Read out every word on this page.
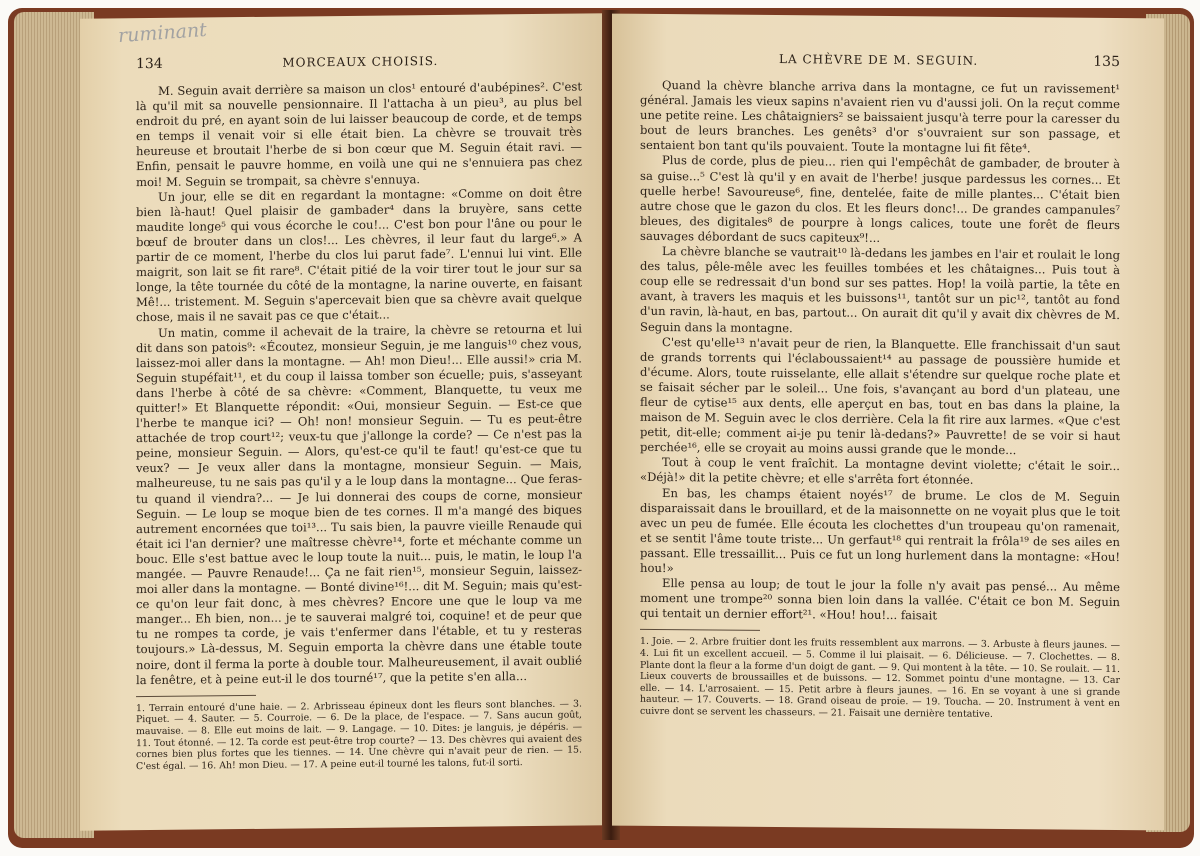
134	MORCEAUX CHOISIS.

M. Seguin avait derrière sa maison un clos¹ entouré d'aubépines². C'est là qu'il mit sa nouvelle pensionnaire. Il l'attacha à un pieu³, au plus bel endroit du pré, en ayant soin de lui laisser beaucoup de corde, et de temps en temps il venait voir si elle était bien. La chèvre se trouvait très heureuse et broutait l'herbe de si bon cœur que M. Seguin était ravi. — Enfin, pensait le pauvre homme, en voilà une qui ne s'ennuiera pas chez moi! M. Seguin se trompait, sa chèvre s'ennuya.

Un jour, elle se dit en regardant la montagne: «Comme on doit être bien là-haut! Quel plaisir de gambader⁴ dans la bruyère, sans cette maudite longe⁵ qui vous écorche le cou!... C'est bon pour l'âne ou pour le bœuf de brouter dans un clos!... Les chèvres, il leur faut du large⁶.» A partir de ce moment, l'herbe du clos lui parut fade⁷. L'ennui lui vint. Elle maigrit, son lait se fit rare⁸. C'était pitié de la voir tirer tout le jour sur sa longe, la tête tournée du côté de la montagne, la narine ouverte, en faisant Mê!... tristement. M. Seguin s'apercevait bien que sa chèvre avait quelque chose, mais il ne savait pas ce que c'était...

Un matin, comme il achevait de la traire, la chèvre se retourna et lui dit dans son patois⁹: «Écoutez, monsieur Seguin, je me languis¹⁰ chez vous, laissez-moi aller dans la montagne. — Ah! mon Dieu!... Elle aussi!» cria M. Seguin stupéfait¹¹, et du coup il laissa tomber son écuelle; puis, s'asseyant dans l'herbe à côté de sa chèvre: «Comment, Blanquette, tu veux me quitter!» Et Blanquette répondit: «Oui, monsieur Seguin. — Est-ce que l'herbe te manque ici? — Oh! non! monsieur Seguin. — Tu es peut-être attachée de trop court¹²; veux-tu que j'allonge la corde? — Ce n'est pas la peine, monsieur Seguin. — Alors, qu'est-ce qu'il te faut! qu'est-ce que tu veux? — Je veux aller dans la montagne, monsieur Seguin. — Mais, malheureuse, tu ne sais pas qu'il y a le loup dans la montagne... Que feras-tu quand il viendra?... — Je lui donnerai des coups de corne, monsieur Seguin. — Le loup se moque bien de tes cornes. Il m'a mangé des biques autrement encornées que toi¹³... Tu sais bien, la pauvre vieille Renaude qui était ici l'an dernier? une maîtresse chèvre¹⁴, forte et méchante comme un bouc. Elle s'est battue avec le loup toute la nuit... puis, le matin, le loup l'a mangée. — Pauvre Renaude!... Ça ne fait rien¹⁵, monsieur Seguin, laissez-moi aller dans la montagne. — Bonté divine¹⁶!... dit M. Seguin; mais qu'est-ce qu'on leur fait donc, à mes chèvres? Encore une que le loup va me manger... Eh bien, non... je te sauverai malgré toi, coquine! et de peur que tu ne rompes ta corde, je vais t'enfermer dans l'étable, et tu y resteras toujours.» Là-dessus, M. Seguin emporta la chèvre dans une étable toute noire, dont il ferma la porte à double tour. Malheureusement, il avait oublié la fenêtre, et à peine eut-il le dos tourné¹⁷, que la petite s'en alla...

1. Terrain entouré d'une haie. — 2. Arbrisseau épineux dont les fleurs sont blanches. — 3. Piquet. — 4. Sauter. — 5. Courroie. — 6. De la place, de l'espace. — 7. Sans aucun goût, mauvaise. — 8. Elle eut moins de lait. — 9. Langage. — 10. Dites: je languis, je dépéris. — 11. Tout étonné. — 12. Ta corde est peut-être trop courte? — 13. Des chèvres qui avaient des cornes bien plus fortes que les tiennes. — 14. Une chèvre qui n'avait peur de rien. — 15. C'est égal. — 16. Ah! mon Dieu. — 17. A peine eut-il tourné les talons, fut-il sorti.
LA CHÈVRE DE M. SEGUIN.	135

Quand la chèvre blanche arriva dans la montagne, ce fut un ravissement¹ général. Jamais les vieux sapins n'avaient rien vu d'aussi joli. On la reçut comme une petite reine. Les châtaigniers² se baissaient jusqu'à terre pour la caresser du bout de leurs branches. Les genêts³ d'or s'ouvraient sur son passage, et sentaient bon tant qu'ils pouvaient. Toute la montagne lui fit fête⁴.

Plus de corde, plus de pieu... rien qui l'empêchât de gambader, de brouter à sa guise...⁵ C'est là qu'il y en avait de l'herbe! jusque pardessus les cornes... Et quelle herbe! Savoureuse⁶, fine, dentelée, faite de mille plantes... C'était bien autre chose que le gazon du clos. Et les fleurs donc!... De grandes campanules⁷ bleues, des digitales⁸ de pourpre à longs calices, toute une forêt de fleurs sauvages débordant de sucs capiteux⁹!...

La chèvre blanche se vautrait¹⁰ là-dedans les jambes en l'air et roulait le long des talus, pêle-mêle avec les feuilles tombées et les châtaignes... Puis tout à coup elle se redressait d'un bond sur ses pattes. Hop! la voilà partie, la tête en avant, à travers les maquis et les buissons¹¹, tantôt sur un pic¹², tantôt au fond d'un ravin, là-haut, en bas, partout... On aurait dit qu'il y avait dix chèvres de M. Seguin dans la montagne.

C'est qu'elle¹³ n'avait peur de rien, la Blanquette. Elle franchissait d'un saut de grands torrents qui l'éclaboussaient¹⁴ au passage de poussière humide et d'écume. Alors, toute ruisselante, elle allait s'étendre sur quelque roche plate et se faisait sécher par le soleil... Une fois, s'avançant au bord d'un plateau, une fleur de cytise¹⁵ aux dents, elle aperçut en bas, tout en bas dans la plaine, la maison de M. Seguin avec le clos derrière. Cela la fit rire aux larmes. «Que c'est petit, dit-elle; comment ai-je pu tenir là-dedans?» Pauvrette! de se voir si haut perchée¹⁶, elle se croyait au moins aussi grande que le monde...

Tout à coup le vent fraîchit. La montagne devint violette; c'était le soir... «Déjà!» dit la petite chèvre; et elle s'arrêta fort étonnée.

En bas, les champs étaient noyés¹⁷ de brume. Le clos de M. Seguin disparaissait dans le brouillard, et de la maisonnette on ne voyait plus que le toit avec un peu de fumée. Elle écouta les clochettes d'un troupeau qu'on ramenait, et se sentit l'âme toute triste... Un gerfaut¹⁸ qui rentrait la frôla¹⁹ de ses ailes en passant. Elle tressaillit... Puis ce fut un long hurlement dans la montagne: «Hou! hou!»

Elle pensa au loup; de tout le jour la folle n'y avait pas pensé... Au même moment une trompe²⁰ sonna bien loin dans la vallée. C'était ce bon M. Seguin qui tentait un dernier effort²¹. «Hou! hou!... faisait

1. Joie. — 2. Arbre fruitier dont les fruits ressemblent aux marrons. — 3. Arbuste à fleurs jaunes. — 4. Lui fit un excellent accueil. — 5. Comme il lui plaisait. — 6. Délicieuse. — 7. Clochettes. — 8. Plante dont la fleur a la forme d'un doigt de gant. — 9. Qui montent à la tête. — 10. Se roulait. — 11. Lieux couverts de broussailles et de buissons. — 12. Sommet pointu d'une montagne. — 13. Car elle. — 14. L'arrosaient. — 15. Petit arbre à fleurs jaunes. — 16. En se voyant à une si grande hauteur. — 17. Couverts. — 18. Grand oiseau de proie. — 19. Toucha. — 20. Instrument à vent en cuivre dont se servent les chasseurs. — 21. Faisait une dernière tentative.
ruminant
